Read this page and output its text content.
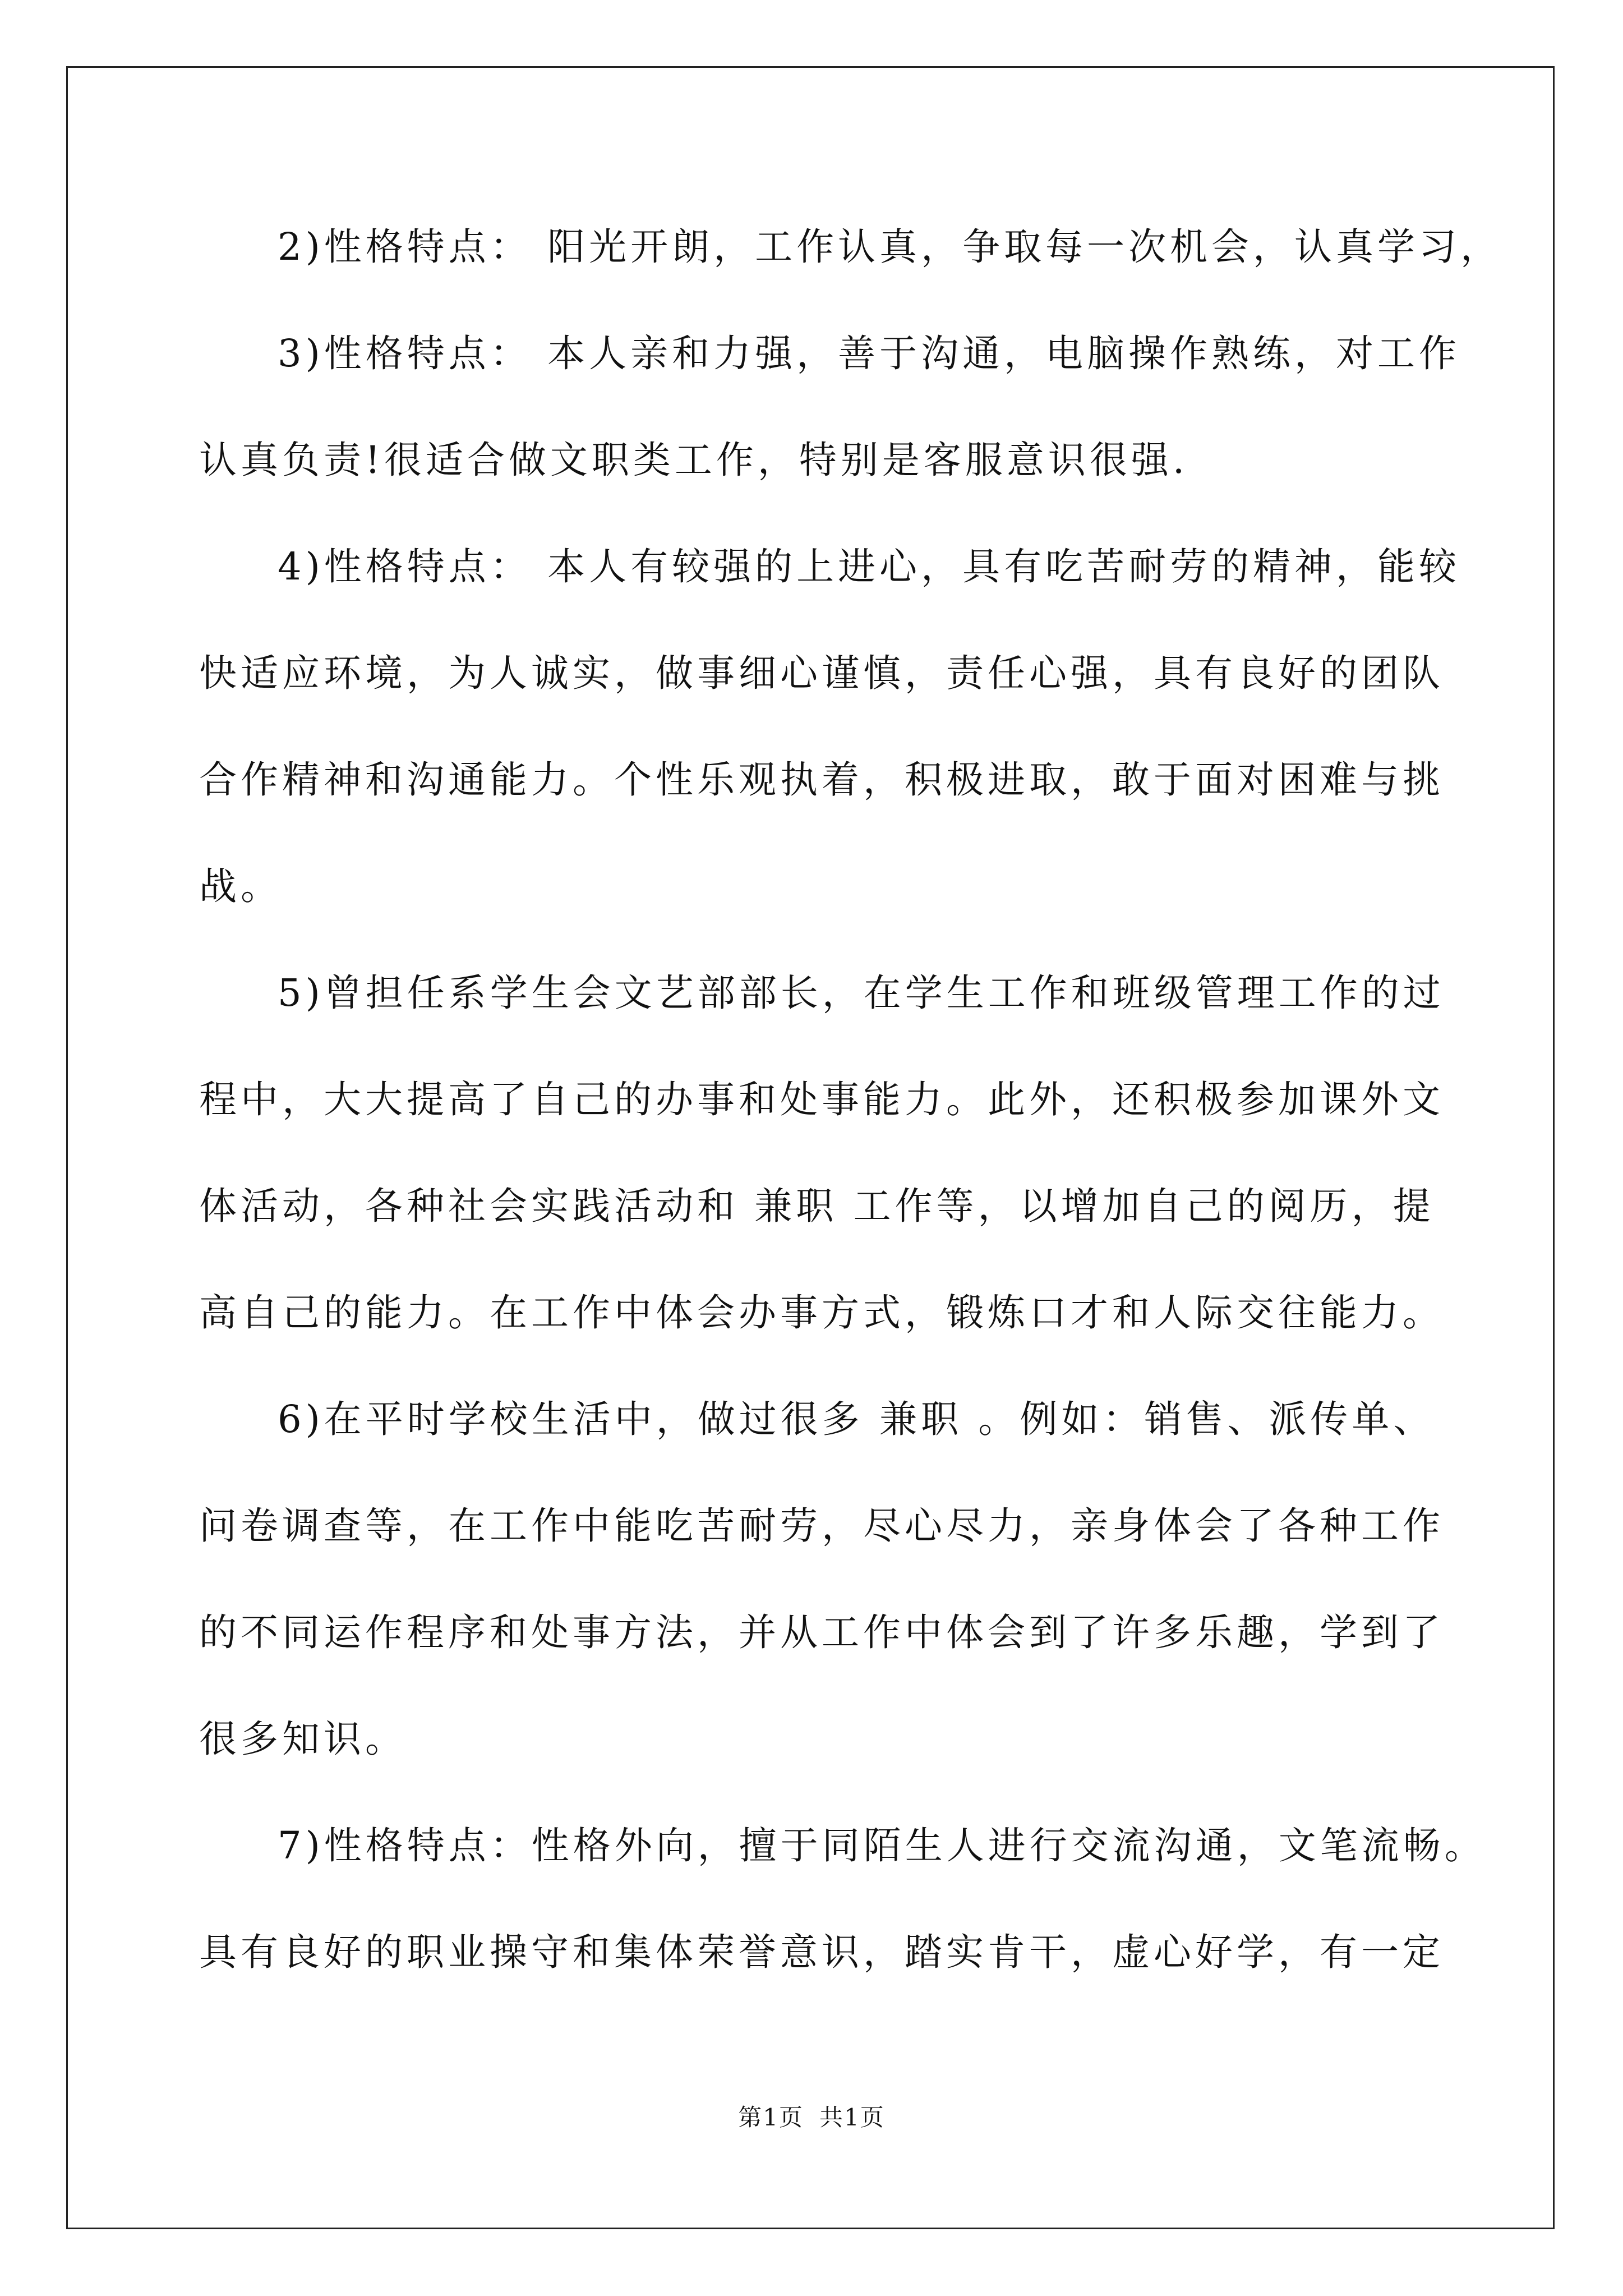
2)性格特点： 阳光开朗，工作认真，争取每一次机会，认真学习，
3)性格特点： 本人亲和力强，善于沟通，电脑操作熟练，对工作
认真负责!很适合做文职类工作，特别是客服意识很强.
4)性格特点： 本人有较强的上进心，具有吃苦耐劳的精神，能较
快适应环境，为人诚实，做事细心谨慎，责任心强，具有良好的团队
合作精神和沟通能力。个性乐观执着，积极进取，敢于面对困难与挑
战。
5)曾担任系学生会文艺部部长，在学生工作和班级管理工作的过
程中，大大提高了自己的办事和处事能力。此外，还积极参加课外文
体活动，各种社会实践活动和 兼职 工作等，以增加自己的阅历，提
高自己的能力。在工作中体会办事方式，锻炼口才和人际交往能力。
6)在平时学校生活中，做过很多 兼职 。例如：销售、派传单、
问卷调查等，在工作中能吃苦耐劳，尽心尽力，亲身体会了各种工作
的不同运作程序和处事方法，并从工作中体会到了许多乐趣，学到了
很多知识。
7)性格特点：性格外向，擅于同陌生人进行交流沟通，文笔流畅。
具有良好的职业操守和集体荣誉意识，踏实肯干，虚心好学，有一定
第1页 共1页
